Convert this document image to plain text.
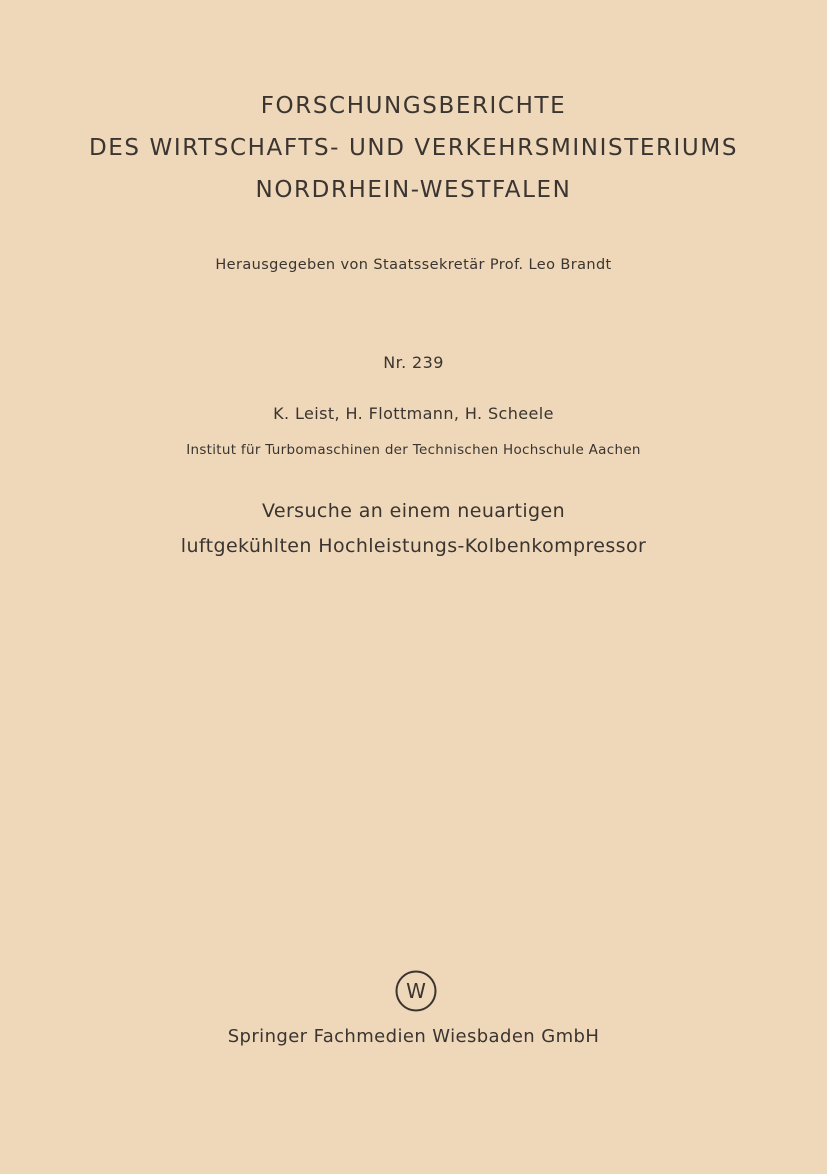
FORSCHUNGSBERICHTE
DES WIRTSCHAFTS- UND VERKEHRSMINISTERIUMS
NORDRHEIN-WESTFALEN
Herausgegeben von Staatssekretär Prof. Leo Brandt
Nr. 239
K. Leist, H. Flottmann, H. Scheele
Institut für Turbomaschinen der Technischen Hochschule Aachen
Versuche an einem neuartigen
luftgekühlten Hochleistungs-Kolbenkompressor
W
Springer Fachmedien Wiesbaden GmbH
